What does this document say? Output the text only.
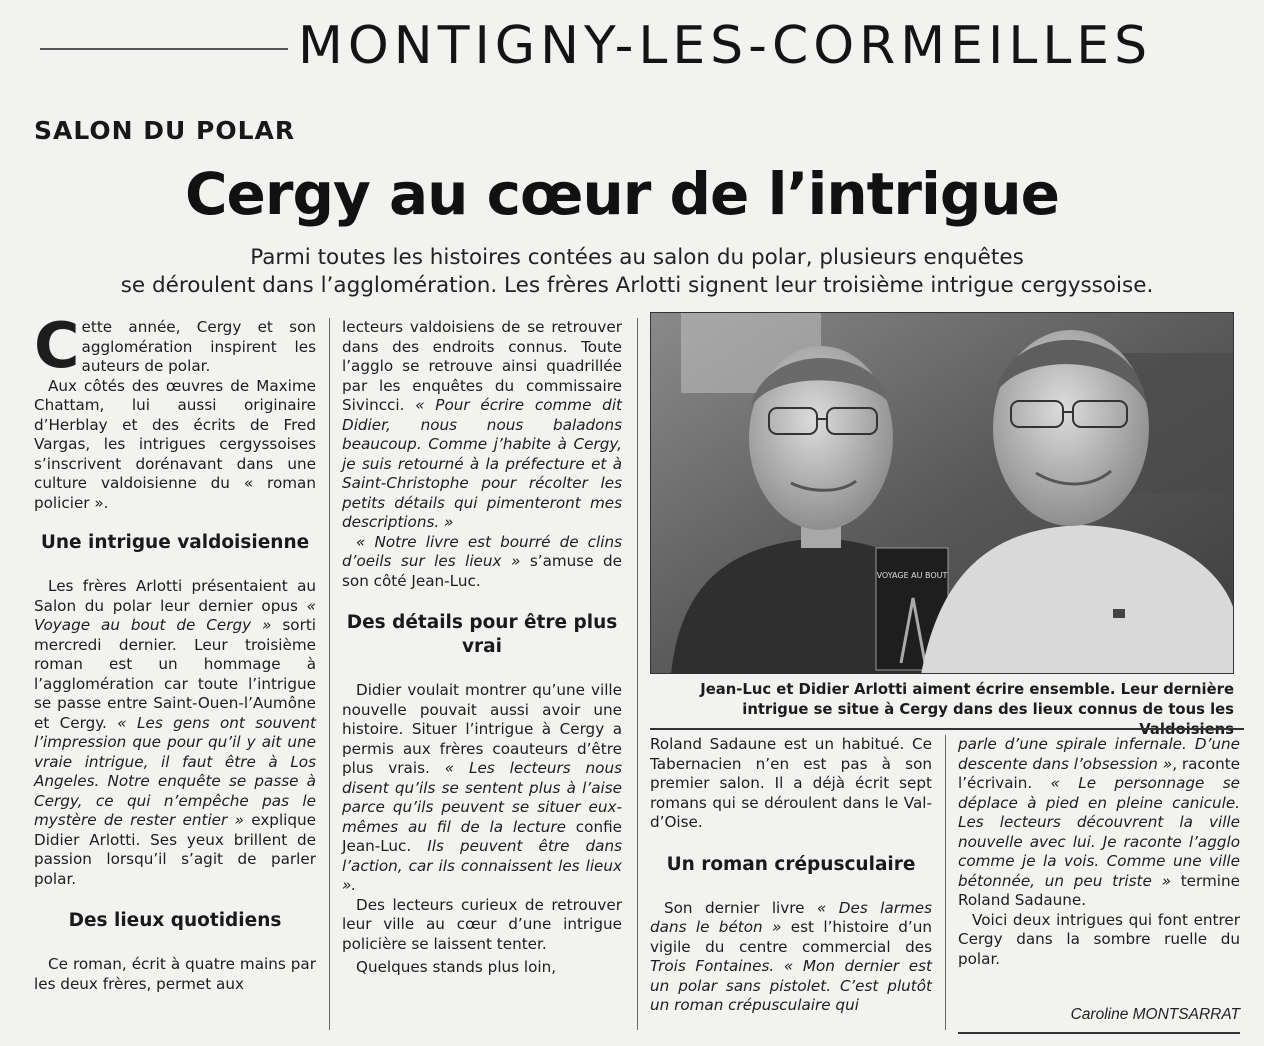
MONTIGNY-LES-CORMEILLES
SALON DU POLAR
Cergy au cœur de l’intrigue
Parmi toutes les histoires contées au salon du polar, plusieurs enquêtes
se déroulent dans l’agglomération. Les frères Arlotti signent leur troisième intrigue cergyssoise.

Cette année, Cergy et son agglomération inspirent les auteurs de polar.

Aux côtés des œuvres de Maxime Chattam, lui aussi originaire d’Herblay et des écrits de Fred Vargas, les intrigues cergyssoises s’inscrivent dorénavant dans une culture valdoisienne du « roman policier ».

Une intrigue valdoisienne

Les frères Arlotti présentaient au Salon du polar leur dernier opus « Voyage au bout de Cergy » sorti mercredi dernier. Leur troisième roman est un hommage à l’agglomération car toute l’intrigue se passe entre Saint-Ouen-l’Aumône et Cergy. « Les gens ont souvent l’impression que pour qu’il y ait une vraie intrigue, il faut être à Los Angeles. Notre enquête se passe à Cergy, ce qui n’empêche pas le mystère de rester entier » explique Didier Arlotti. Ses yeux brillent de passion lorsqu’il s’agit de parler polar.

Des lieux quotidiens

Ce roman, écrit à quatre mains par les deux frères, permet aux

lecteurs valdoisiens de se retrouver dans des endroits connus. Toute l’agglo se retrouve ainsi quadrillée par les enquêtes du commissaire Sivincci. « Pour écrire comme dit Didier, nous nous baladons beaucoup. Comme j’habite à Cergy, je suis retourné à la préfecture et à Saint-Christophe pour récolter les petits détails qui pimenteront mes descriptions. »

« Notre livre est bourré de clins d’oeils sur les lieux » s’amuse de son côté Jean-Luc.

Des détails pour être plus vrai

Didier voulait montrer qu’une ville nouvelle pouvait aussi avoir une histoire. Situer l’intrigue à Cergy a permis aux frères coauteurs d’être plus vrais. « Les lecteurs nous disent qu’ils se sentent plus à l’aise parce qu’ils peuvent se situer eux-mêmes au fil de la lecture confie Jean-Luc. Ils peuvent être dans l’action, car ils connaissent les lieux ».

Des lecteurs curieux de retrouver leur ville au cœur d’une intrigue policière se laissent tenter.

Quelques stands plus loin,

VOYAGE AU BOUT
Jean-Luc et Didier Arlotti aiment écrire ensemble. Leur dernière intrigue se situe à Cergy dans des lieux connus de tous les

Roland Sadaune est un habitué. Ce Tabernacien n’en est pas à son premier salon. Il a déjà écrit sept romans qui se déroulent dans le Val-d’Oise.

Un roman crépusculaire

Son dernier livre « Des larmes dans le béton » est l’histoire d’un vigile du centre commercial des Trois Fontaines. « Mon dernier est un polar sans pistolet. C’est plutôt un roman crépusculaire qui

parle d’une spirale infernale. D’une descente dans l’obsession », raconte l’écrivain. « Le personnage se déplace à pied en pleine canicule. Les lecteurs découvrent la ville nouvelle avec lui. Je raconte l’agglo comme je la vois. Comme une ville bétonnée, un peu triste » termine Roland Sadaune.

Voici deux intrigues qui font entrer Cergy dans la sombre ruelle du polar.

Caroline MONTSARRAT
